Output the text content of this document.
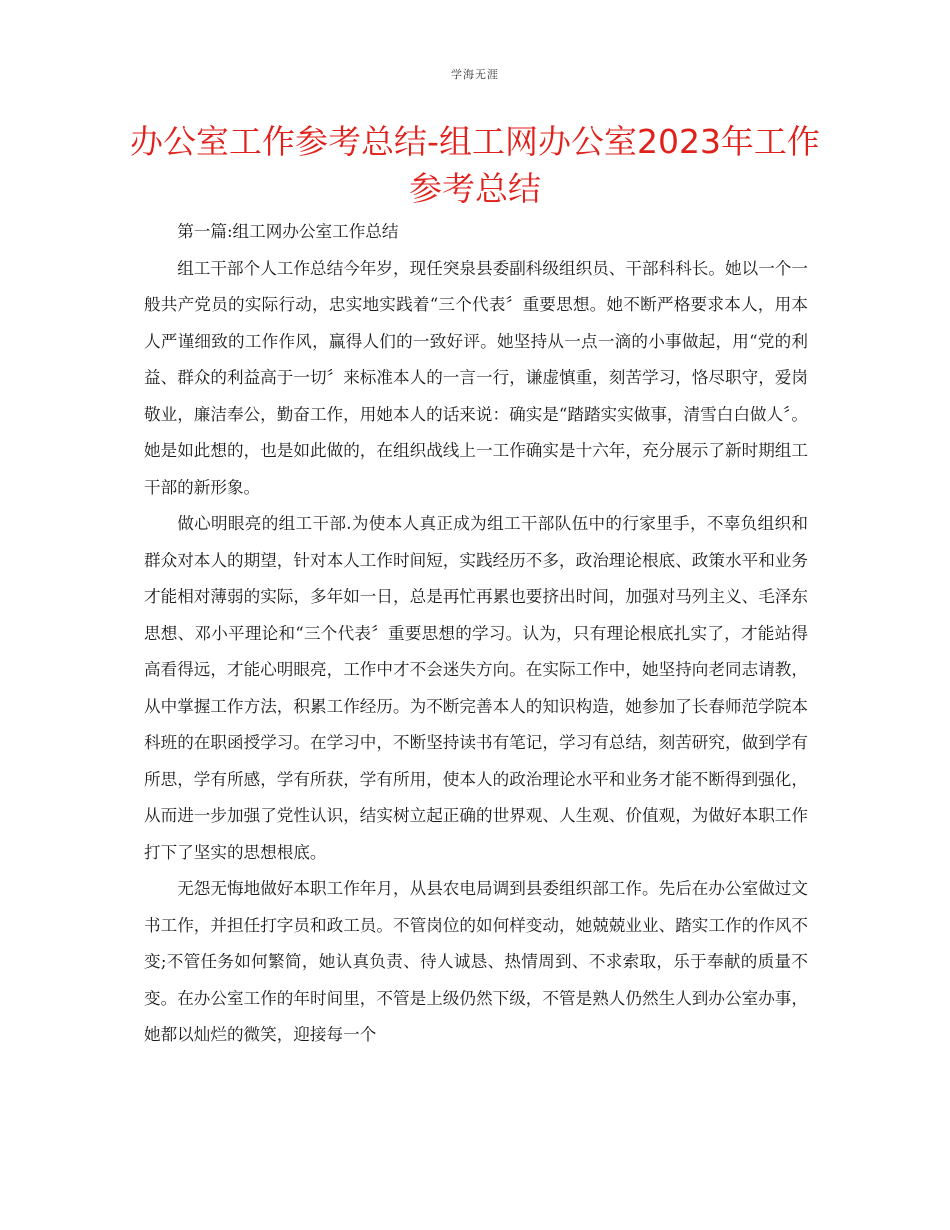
学海无涯
办公室工作参考总结-组工网办公室2023年工作参考总结

第一篇:组工网办公室工作总结

组工干部个人工作总结今年岁，现任突泉县委副科级组织员、干部科科长。她以一个一般共产党员的实际行动，忠实地实践着“三个代表〞重要思想。她不断严格要求本人，用本人严谨细致的工作作风，赢得人们的一致好评。她坚持从一点一滴的小事做起，用“党的利益、群众的利益高于一切〞来标准本人的一言一行，谦虚慎重，刻苦学习，恪尽职守，爱岗敬业，廉洁奉公，勤奋工作，用她本人的话来说：确实是“踏踏实实做事，清雪白白做人〞。她是如此想的，也是如此做的，在组织战线上一工作确实是十六年，充分展示了新时期组工干部的新形象。

做心明眼亮的组工干部.为使本人真正成为组工干部队伍中的行家里手，不辜负组织和群众对本人的期望，针对本人工作时间短，实践经历不多，政治理论根底、政策水平和业务才能相对薄弱的实际，多年如一日，总是再忙再累也要挤出时间，加强对马列主义、毛泽东思想、邓小平理论和“三个代表〞重要思想的学习。认为，只有理论根底扎实了，才能站得高看得远，才能心明眼亮，工作中才不会迷失方向。在实际工作中，她坚持向老同志请教，从中掌握工作方法，积累工作经历。为不断完善本人的知识构造，她参加了长春师范学院本科班的在职函授学习。在学习中，不断坚持读书有笔记，学习有总结，刻苦研究，做到学有所思，学有所感，学有所获，学有所用，使本人的政治理论水平和业务才能不断得到强化，从而进一步加强了党性认识，结实树立起正确的世界观、人生观、价值观，为做好本职工作打下了坚实的思想根底。

无怨无悔地做好本职工作年月，从县农电局调到县委组织部工作。先后在办公室做过文书工作，并担任打字员和政工员。不管岗位的如何样变动，她兢兢业业、踏实工作的作风不变;不管任务如何繁简，她认真负责、待人诚恳、热情周到、不求索取，乐于奉献的质量不变。在办公室工作的年时间里，不管是上级仍然下级，不管是熟人仍然生人到办公室办事，她都以灿烂的微笑，迎接每一个
